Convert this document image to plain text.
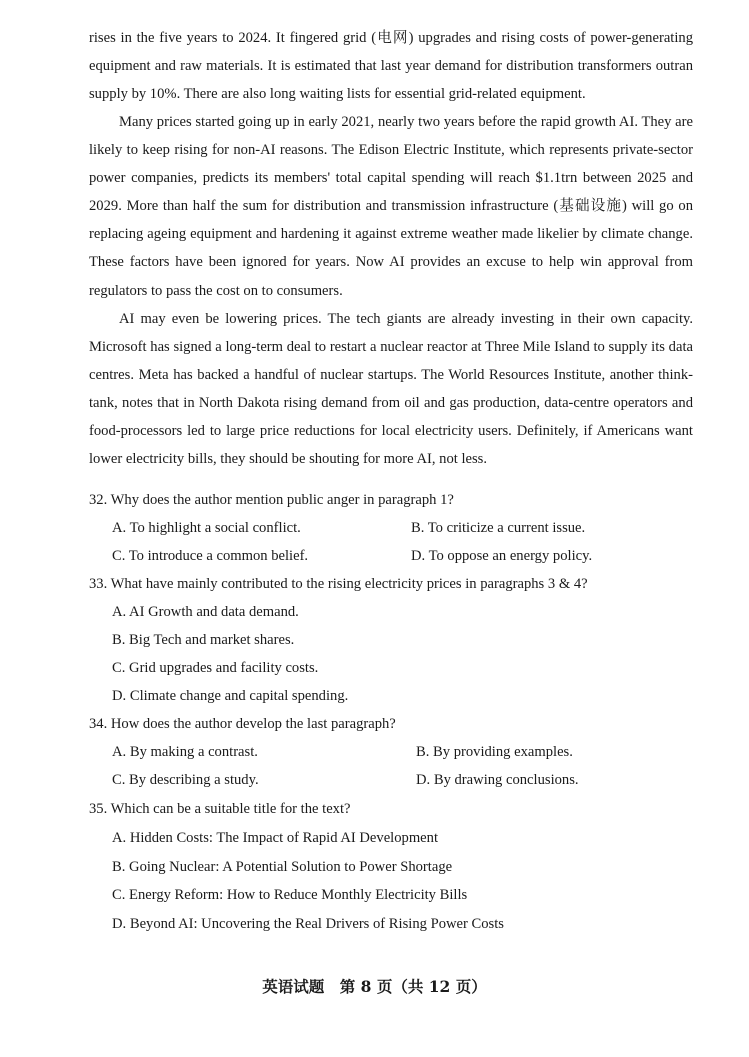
rises in the five years to 2024. It fingered grid (电网) upgrades and rising costs of power-generating equipment and raw materials. It is estimated that last year demand for distribution transformers outran supply by 10%. There are also long waiting lists for essential grid-related equipment.

Many prices started going up in early 2021, nearly two years before the rapid growth AI. They are likely to keep rising for non-AI reasons. The Edison Electric Institute, which represents private-sector power companies, predicts its members' total capital spending will reach $1.1trn between 2025 and 2029. More than half the sum for distribution and transmission infrastructure (基础设施) will go on replacing ageing equipment and hardening it against extreme weather made likelier by climate change. These factors have been ignored for years. Now AI provides an excuse to help win approval from regulators to pass the cost on to consumers.

AI may even be lowering prices. The tech giants are already investing in their own capacity. Microsoft has signed a long-term deal to restart a nuclear reactor at Three Mile Island to supply its data centres. Meta has backed a handful of nuclear startups. The World Resources Institute, another think-tank, notes that in North Dakota rising demand from oil and gas production, data-centre operators and food-processors led to large price reductions for local electricity users. Definitely, if Americans want lower electricity bills, they should be shouting for more AI, not less.

32. Why does the author mention public anger in paragraph 1?
A. To highlight a social conflict.	B. To criticize a current issue.
C. To introduce a common belief.	D. To oppose an energy policy.
33. What have mainly contributed to the rising electricity prices in paragraphs 3 & 4?
A. AI Growth and data demand.
B. Big Tech and market shares.
C. Grid upgrades and facility costs.
D. Climate change and capital spending.
34. How does the author develop the last paragraph?
A. By making a contrast.	B. By providing examples.
C. By describing a study.	D. By drawing conclusions.
35. Which can be a suitable title for the text?
A. Hidden Costs: The Impact of Rapid AI Development
B. Going Nuclear: A Potential Solution to Power Shortage
C. Energy Reform: How to Reduce Monthly Electricity Bills
D. Beyond AI: Uncovering the Real Drivers of Rising Power Costs
英语试题　第 8 页（共 12 页）
